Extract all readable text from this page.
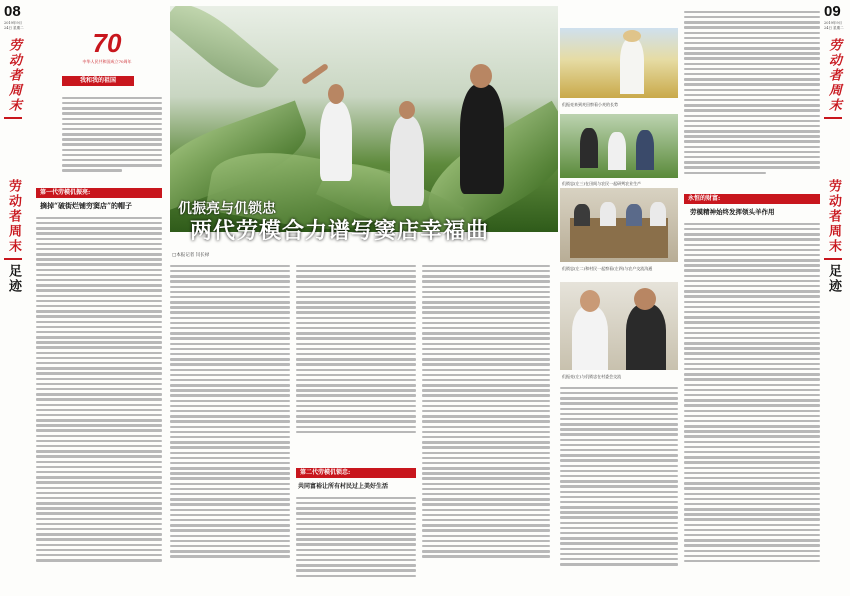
08
2019年9月24日 星期二
劳动者周末
劳动者周末
足迹
70
中华人民共和国成立70周年
我和我的祖国
第一代劳模仉振亮:
摘掉“破街烂铺穷窦店”的帽子
第二代劳模仉锁忠:
共同富裕让所有村民过上美好生活
仉振亮与仉锁忠
两代劳模合力谱写窦店幸福曲
□本报记者 闫长禄
仉振亮来到麦田察看小麦的长势
仉锁忠(左三)在田间与农民一起研判农业生产
仉锁忠(左二)和村民一起察看(左四)与农户交流沟通
仉振亮(左)与仉锁忠在村委会交流
永恒的财富:
劳模精神始终发挥领头羊作用
09
2019年9月24日 星期二
劳动者周末
劳动者周末
足迹
